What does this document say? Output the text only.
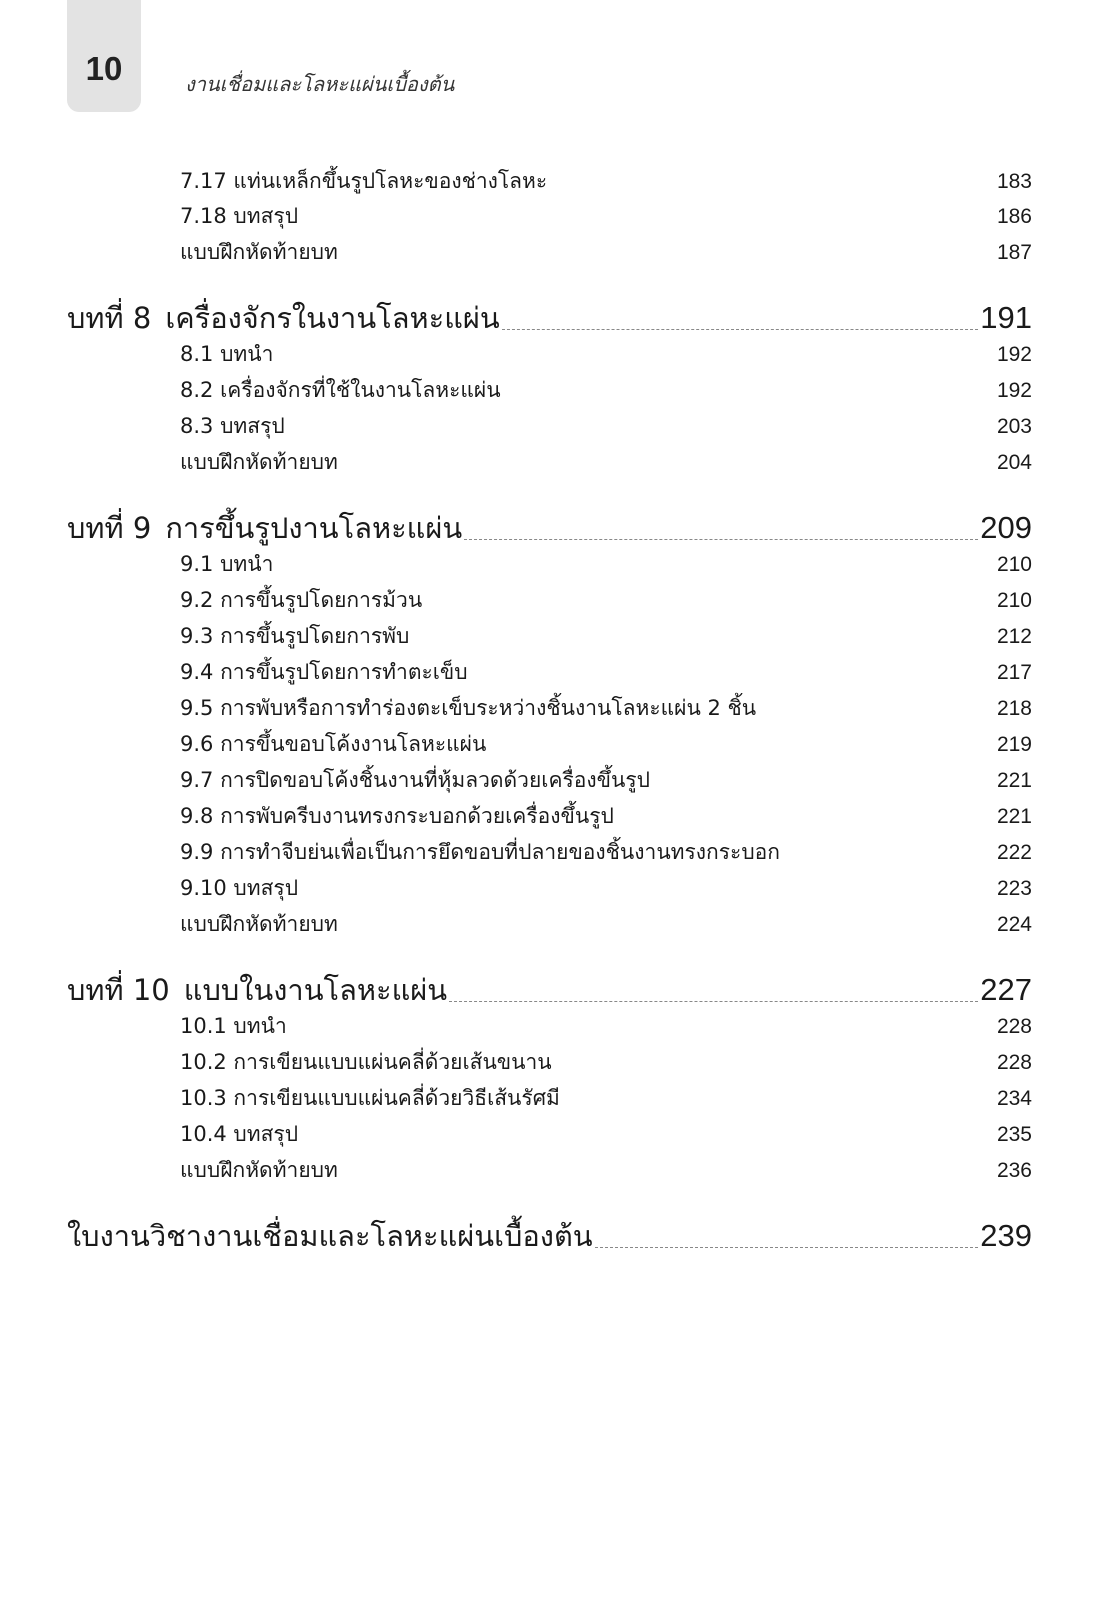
10	งานเชื่อมและโลหะแผ่นเบื้องต้น
7.17 แท่นเหล็กขึ้นรูปโลหะของช่างโลหะ	183
7.18 บทสรุป	186
แบบฝึกหัดท้ายบท	187
บทที่ 8 เครื่องจักรในงานโลหะแผ่น	191
8.1 บทนำ	192
8.2 เครื่องจักรที่ใช้ในงานโลหะแผ่น	192
8.3 บทสรุป	203
แบบฝึกหัดท้ายบท	204
บทที่ 9 การขึ้นรูปงานโลหะแผ่น	209
9.1 บทนำ	210
9.2 การขึ้นรูปโดยการม้วน	210
9.3 การขึ้นรูปโดยการพับ	212
9.4 การขึ้นรูปโดยการทำตะเข็บ	217
9.5 การพับหรือการทำร่องตะเข็บระหว่างชิ้นงานโลหะแผ่น 2 ชิ้น	218
9.6 การขึ้นขอบโค้งงานโลหะแผ่น	219
9.7 การปิดขอบโค้งชิ้นงานที่หุ้มลวดด้วยเครื่องขึ้นรูป	221
9.8 การพับครีบงานทรงกระบอกด้วยเครื่องขึ้นรูป	221
9.9 การทำจีบย่นเพื่อเป็นการยึดขอบที่ปลายของชิ้นงานทรงกระบอก	222
9.10 บทสรุป	223
แบบฝึกหัดท้ายบท	224
บทที่ 10 แบบในงานโลหะแผ่น	227
10.1 บทนำ	228
10.2 การเขียนแบบแผ่นคลี่ด้วยเส้นขนาน	228
10.3 การเขียนแบบแผ่นคลี่ด้วยวิธีเส้นรัศมี	234
10.4 บทสรุป	235
แบบฝึกหัดท้ายบท	236
ใบงานวิชางานเชื่อมและโลหะแผ่นเบื้องต้น	239
